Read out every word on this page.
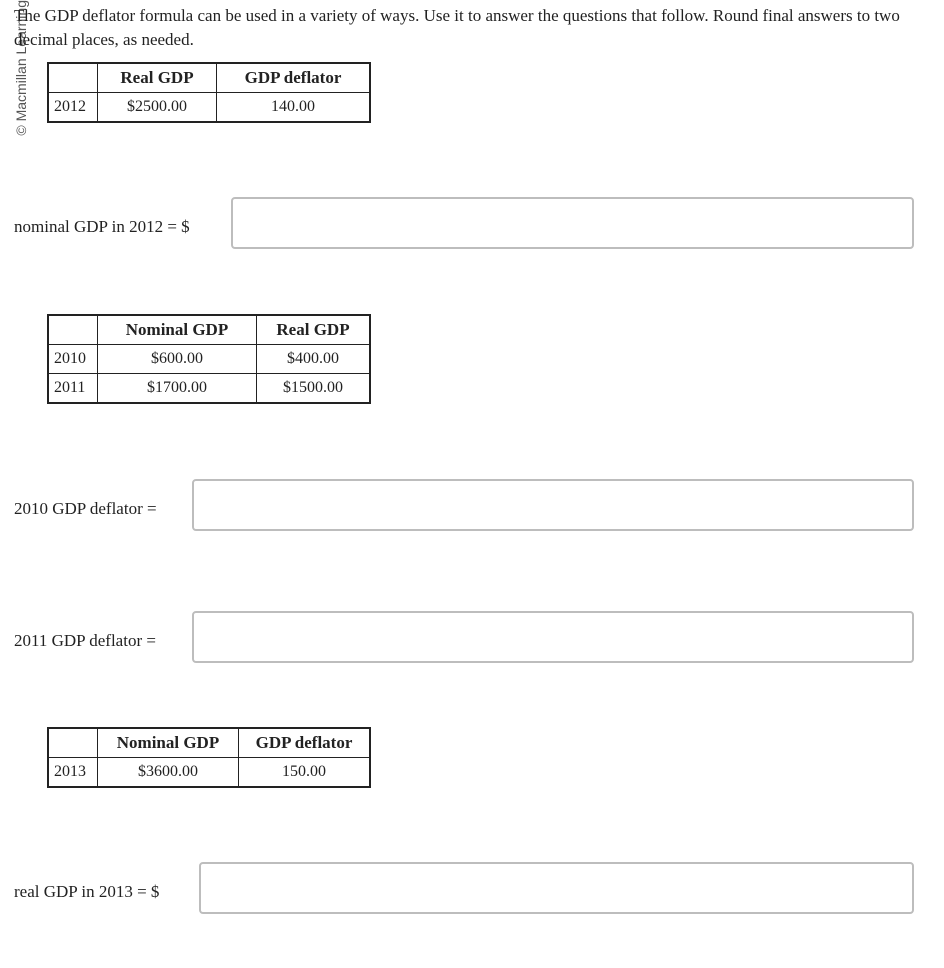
© Macmillan Learning

The GDP deflator formula can be used in a variety of ways. Use it to answer the questions that follow. Round final answers to two decimal places, as needed.

	Real GDP	GDP deflator
2012	$2500.00	140.00
nominal GDP in 2012 = $
	Nominal GDP	Real GDP
2010	$600.00	$400.00
2011	$1700.00	$1500.00
2010 GDP deflator =
2011 GDP deflator =
	Nominal GDP	GDP deflator
2013	$3600.00	150.00
real GDP in 2013 = $
